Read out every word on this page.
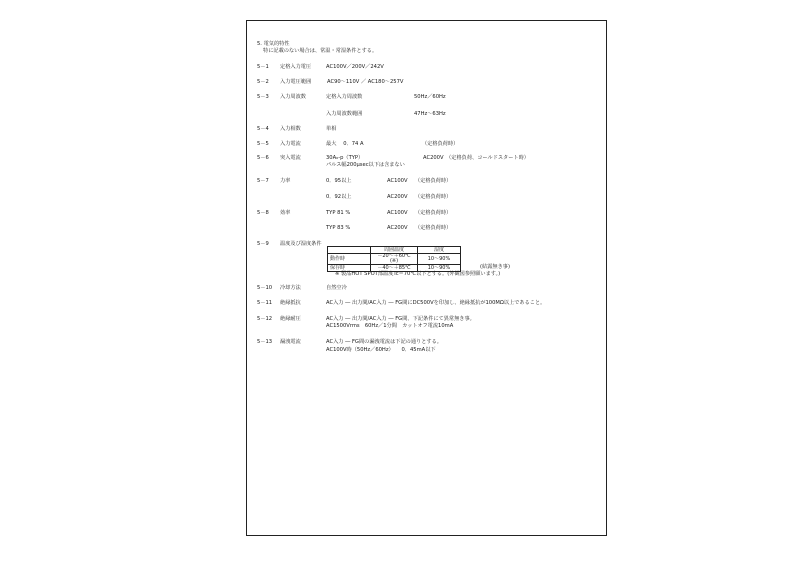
5. 電気的特性
特に記載のない場合は、常温・常湿条件とする。
5－1 定格入力電圧	AC100V／200V／242V
5－2 入力電圧範囲	AC90～110V ／ AC180～257V
5－3 入力周波数	定格入力周波数	50Hz／60Hz
入力周波数範囲	47Hz～63Hz
5－4 入力相数	単相
5－5 入力電流	最大　 0．74 A	（定格負荷時）
5－6 突入電流	30A₀-p（TYP）	AC200V　（定格負荷、コールドスタート時）
パルス幅200μsec以下は含まない
5－7 力率	0．95以上	AC100V （定格負荷時）
0．92以上	AC200V （定格負荷時）
5－8 効率	TYP 81 %	AC100V （定格負荷時）
TYP 83 %	AC200V （定格負荷時）
5－9 温度及び湿度条件
	周囲温度	湿度
動作時	－20～＋60℃(※)	10～90%
保存時	－40～＋85℃	10～90%	(結露無き事)
※ 製品HOT SPOT部温度Tc＝70℃以下とする。(外観図参照願います。)
5－10 冷却方法	自然空冷
5－11 絶縁抵抗	AC入力 ― 出力間/AC入力 ― FG間にDC500Vを印加し、絶縁抵抗が100MΩ以上であること。
5－12 絶縁耐圧	AC入力 ― 出力間/AC入力 ― FG間、下記条件にて異常無き事。
AC1500Vrms　60Hz／1分間　カットオフ電流10mA
5－13 漏洩電流	AC入力 ― FG間の漏洩電流は下記の通りとする。
AC100V時（50Hz／60Hz）　　0．45mA以下
